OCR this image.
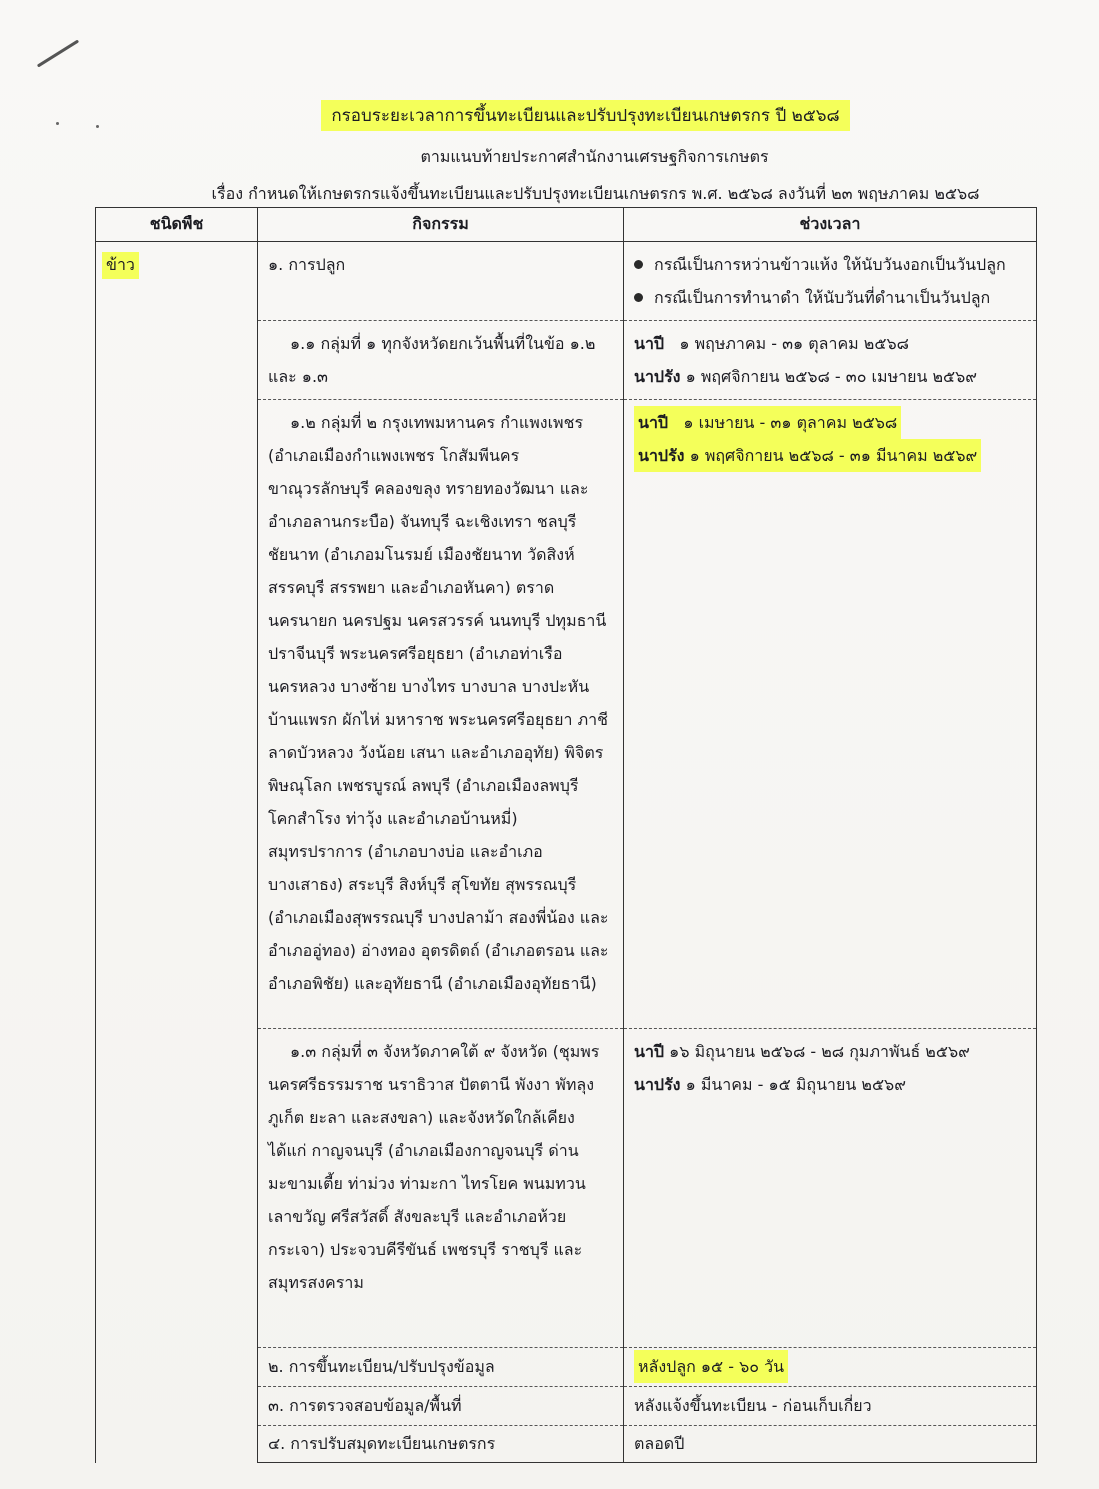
กรอบระยะเวลาการขึ้นทะเบียนและปรับปรุงทะเบียนเกษตรกร ปี ๒๕๖๘
ตามแนบท้ายประกาศสำนักงานเศรษฐกิจการเกษตร
เรื่อง กำหนดให้เกษตรกรแจ้งขึ้นทะเบียนและปรับปรุงทะเบียนเกษตรกร พ.ศ. ๒๕๖๘ ลงวันที่ ๒๓ พฤษภาคม ๒๕๖๘
ชนิดพืช	กิจกรรม	ช่วงเวลา
ข้าว	๑. การปลูก	กรณีเป็นการหว่านข้าวแห้ง ให้นับวันงอกเป็นวันปลูก
กรณีเป็นการทำนาดำ ให้นับวันที่ดำนาเป็นวันปลูก

	๑.๑ กลุ่มที่ ๑ ทุกจังหวัดยกเว้นพื้นที่ในข้อ ๑.๒ และ ๑.๓	นาปี ๑ พฤษภาคม - ๓๑ ตุลาคม ๒๕๖๘
นาปรัง ๑ พฤศจิกายน ๒๕๖๘ - ๓๐ เมษายน ๒๕๖๙

	๑.๒ กลุ่มที่ ๒ กรุงเทพมหานคร กำแพงเพชร (อำเภอเมืองกำแพงเพชร โกสัมพีนคร ขาณุวรลักษบุรี คลองขลุง ทรายทองวัฒนา และอำเภอลานกระบือ) จันทบุรี ฉะเชิงเทรา ชลบุรี ชัยนาท (อำเภอมโนรมย์ เมืองชัยนาท วัดสิงห์ สรรคบุรี สรรพยา และอำเภอหันคา) ตราด นครนายก นครปฐม นครสวรรค์ นนทบุรี ปทุมธานี ปราจีนบุรี พระนครศรีอยุธยา (อำเภอท่าเรือ นครหลวง บางซ้าย บางไทร บางบาล บางปะหัน บ้านแพรก ผักไห่ มหาราช พระนครศรีอยุธยา ภาชี ลาดบัวหลวง วังน้อย เสนา และอำเภออุทัย) พิจิตร พิษณุโลก เพชรบูรณ์ ลพบุรี (อำเภอเมืองลพบุรี โคกสำโรง ท่าวุ้ง และอำเภอบ้านหมี่) สมุทรปราการ (อำเภอบางบ่อ และอำเภอบางเสาธง) สระบุรี สิงห์บุรี สุโขทัย สุพรรณบุรี (อำเภอเมืองสุพรรณบุรี บางปลาม้า สองพี่น้อง และอำเภออู่ทอง) อ่างทอง อุตรดิตถ์ (อำเภอตรอน และอำเภอพิชัย) และอุทัยธานี (อำเภอเมืองอุทัยธานี)	นาปี ๑ เมษายน - ๓๑ ตุลาคม ๒๕๖๘
นาปรัง ๑ พฤศจิกายน ๒๕๖๘ - ๓๑ มีนาคม ๒๕๖๙

	๑.๓ กลุ่มที่ ๓ จังหวัดภาคใต้ ๙ จังหวัด (ชุมพร นครศรีธรรมราช นราธิวาส ปัตตานี พังงา พัทลุง ภูเก็ต ยะลา และสงขลา) และจังหวัดใกล้เคียง ได้แก่ กาญจนบุรี (อำเภอเมืองกาญจนบุรี ด่านมะขามเตี้ย ท่าม่วง ท่ามะกา ไทรโยค พนมทวน เลาขวัญ ศรีสวัสดิ์ สังขละบุรี และอำเภอห้วยกระเจา) ประจวบคีรีขันธ์ เพชรบุรี ราชบุรี และสมุทรสงคราม	นาปี ๑๖ มิถุนายน ๒๕๖๘ - ๒๘ กุมภาพันธ์ ๒๕๖๙
นาปรัง ๑ มีนาคม - ๑๕ มิถุนายน ๒๕๖๙

	๒. การขึ้นทะเบียน/ปรับปรุงข้อมูล	หลังปลูก ๑๕ - ๖๐ วัน

	๓. การตรวจสอบข้อมูล/พื้นที่	หลังแจ้งขึ้นทะเบียน - ก่อนเก็บเกี่ยว

	๔. การปรับสมุดทะเบียนเกษตรกร	ตลอดปี
